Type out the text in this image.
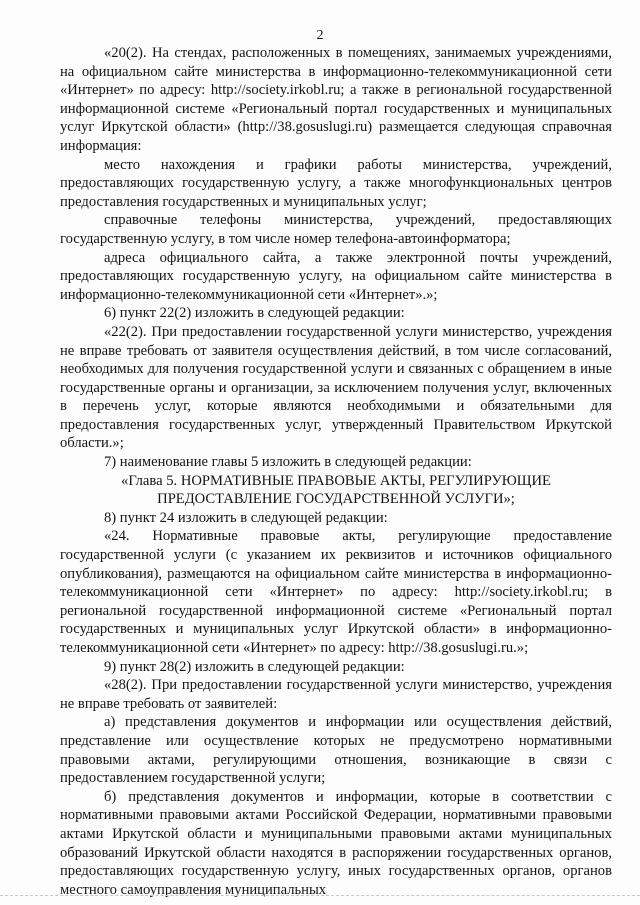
2

«20(2). На стендах, расположенных в помещениях, занимаемых учреждениями, на официальном сайте министерства в информационно-телекоммуникационной сети «Интернет» по адресу: http://society.irkobl.ru; а также в региональной государственной информационной системе «Региональный портал государственных и муниципальных услуг Иркутской области» (http://38.gosuslugi.ru) размещается следующая справочная информация:

место нахождения и графики работы министерства, учреждений, предоставляющих государственную услугу, а также многофункциональных центров предоставления государственных и муниципальных услуг;

справочные телефоны министерства, учреждений, предоставляющих государственную услугу, в том числе номер телефона-автоинформатора;

адреса официального сайта, а также электронной почты учреждений, предоставляющих государственную услугу, на официальном сайте министерства в информационно-телекоммуникационной сети «Интернет».»;

6) пункт 22(2) изложить в следующей редакции:

«22(2). При предоставлении государственной услуги министерство, учреждения не вправе требовать от заявителя осуществления действий, в том числе согласований, необходимых для получения государственной услуги и связанных с обращением в иные государственные органы и организации, за исключением получения услуг, включенных в перечень услуг, которые являются необходимыми и обязательными для предоставления государственных услуг, утвержденный Правительством Иркутской области.»;

7) наименование главы 5 изложить в следующей редакции:

«Глава 5. НОРМАТИВНЫЕ ПРАВОВЫЕ АКТЫ, РЕГУЛИРУЮЩИЕ ПРЕДОСТАВЛЕНИЕ ГОСУДАРСТВЕННОЙ УСЛУГИ»;

8) пункт 24 изложить в следующей редакции:

«24. Нормативные правовые акты, регулирующие предоставление государственной услуги (с указанием их реквизитов и источников официального опубликования), размещаются на официальном сайте министерства в информационно-телекоммуникационной сети «Интернет» по адресу: http://society.irkobl.ru; в региональной государственной информационной системе «Региональный портал государственных и муниципальных услуг Иркутской области» в информационно-телекоммуникационной сети «Интернет» по адресу: http://38.gosuslugi.ru.»;

9) пункт 28(2) изложить в следующей редакции:

«28(2). При предоставлении государственной услуги министерство, учреждения не вправе требовать от заявителей:

а) представления документов и информации или осуществления действий, представление или осуществление которых не предусмотрено нормативными правовыми актами, регулирующими отношения, возникающие в связи с предоставлением государственной услуги;

б) представления документов и информации, которые в соответствии с нормативными правовыми актами Российской Федерации, нормативными правовыми актами Иркутской области и муниципальными правовыми актами муниципальных образований Иркутской области находятся в распоряжении государственных органов, предоставляющих государственную услугу, иных государственных органов, органов местного самоуправления муниципальных
